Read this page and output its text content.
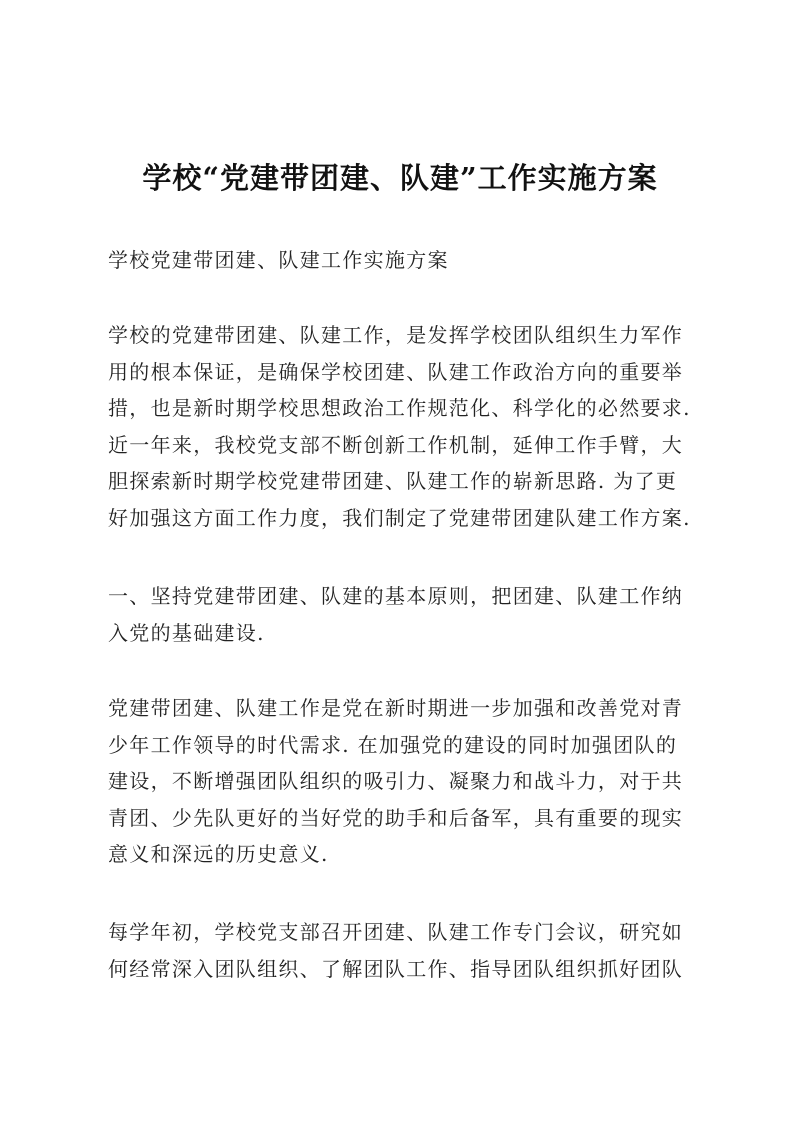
学校“党建带团建、队建”工作实施方案
学校党建带团建、队建工作实施方案
学校的党建带团建、队建工作，是发挥学校团队组织生力军作
用的根本保证，是确保学校团建、队建工作政治方向的重要举
措，也是新时期学校思想政治工作规范化、科学化的必然要求.
近一年来，我校党支部不断创新工作机制，延伸工作手臂，大
胆探索新时期学校党建带团建、队建工作的崭新思路. 为了更
好加强这方面工作力度，我们制定了党建带团建队建工作方案.
一、坚持党建带团建、队建的基本原则，把团建、队建工作纳
入党的基础建设.
党建带团建、队建工作是党在新时期进一步加强和改善党对青
少年工作领导的时代需求. 在加强党的建设的同时加强团队的
建设，不断增强团队组织的吸引力、凝聚力和战斗力，对于共
青团、少先队更好的当好党的助手和后备军，具有重要的现实
意义和深远的历史意义.
每学年初，学校党支部召开团建、队建工作专门会议，研究如
何经常深入团队组织、了解团队工作、指导团队组织抓好团队
